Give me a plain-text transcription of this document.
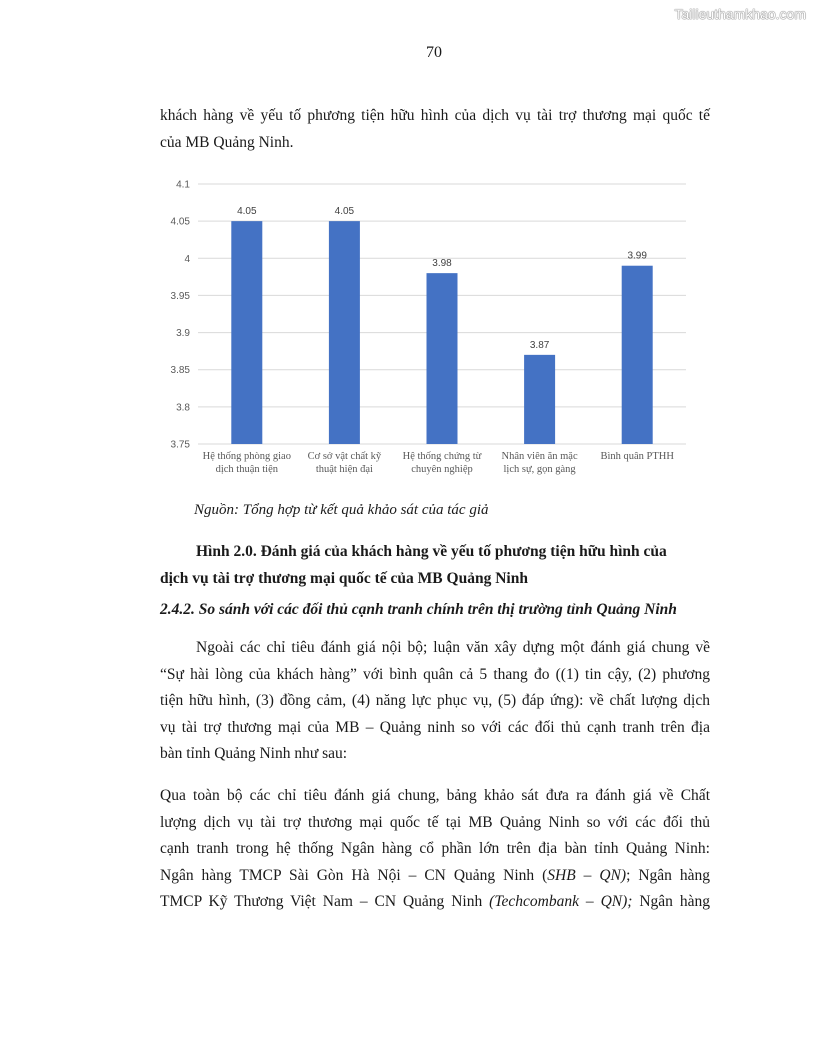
Tailieuthamkhao.com
70
khách hàng về yếu tố phương tiện hữu hình của dịch vụ tài trợ thương mại quốc tế
của MB Quảng Ninh.
3.75
3.8
3.85
3.9
3.95
4
4.05
4.1
4.05
Hệ thống phòng giao
dịch thuận tiện
4.05
Cơ sở vật chất kỹ
thuật hiện đại
3.98
Hệ thống chứng từ
chuyên nghiệp
3.87
Nhân viên ăn mặc
lịch sự, gọn gàng
3.99
Bình quân PTHH
Nguồn: Tổng hợp từ kết quả khảo sát của tác giả
Hình 2.0. Đánh giá của khách hàng về yếu tố phương tiện hữu hình của
dịch vụ tài trợ thương mại quốc tế của MB Quảng Ninh
2.4.2. So sánh với các đối thủ cạnh tranh chính trên thị trường tỉnh Quảng Ninh
Ngoài các chỉ tiêu đánh giá nội bộ; luận văn xây dựng một đánh giá chung về
“Sự hài lòng của khách hàng” với bình quân cả 5 thang đo ((1) tin cậy, (2) phương
tiện hữu hình, (3) đồng cảm, (4) năng lực phục vụ, (5) đáp ứng): về chất lượng dịch
vụ tài trợ thương mại của MB – Quảng ninh so với các đối thủ cạnh tranh trên địa
bàn tỉnh Quảng Ninh như sau:
Qua toàn bộ các chỉ tiêu đánh giá chung, bảng khảo sát đưa ra đánh giá về Chất
lượng dịch vụ tài trợ thương mại quốc tế tại MB Quảng Ninh so với các đối thủ
cạnh tranh trong hệ thống Ngân hàng cổ phần lớn trên địa bàn tỉnh Quảng Ninh:
Ngân hàng TMCP Sài Gòn Hà Nội – CN Quảng Ninh (SHB – QN); Ngân hàng
TMCP Kỹ Thương Việt Nam – CN Quảng Ninh (Techcombank – QN); Ngân hàng
